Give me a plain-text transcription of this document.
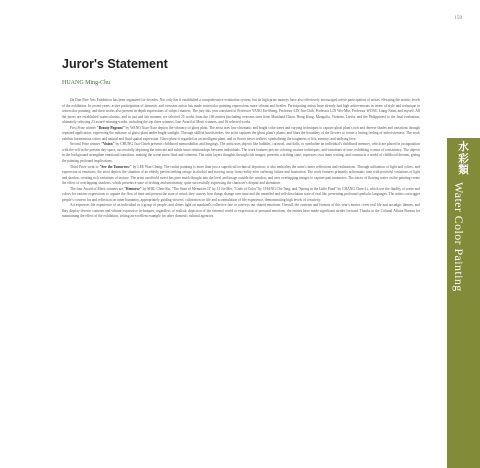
159
Juror's Statement
HUANG Ming-Chu

Da Dun Fine Arts Exhibition has been organized for decades. Not only has it established a comprehensive evaluation system, but its high prize moneys have also effectively encouraged active participation of artists, elevating the artistic levels of the exhibition. In recent years, active participation of domestic and overseas artists has made watercolor painting expressions more vibrant and livelier. Participating artists have already had high achievements in terms of style and technique in watercolor painting, and their works also present in-depth expressions of subject matters. The jury this year consisted of Professor YANG En-Sheng, Professor LIN Jun-Chih, Professor LIN Wei-Min, Professor WONG Liang-Nean, and myself. All the jurors are established watercolorists, and in just and fair manner, we selected 25 works from the 186 entries (including overseas ones from Mainland China, Hong Kong, Mongolia, Vietnam, Latvia, and the Philippines) to the final evaluation, ultimately selecting 23 award-winning works, including the top three winners, four Award of Merit winners, and 16 selected works.

First Prize winner "Beauty Pageant" by WANG Xiao-Xiao depicts the vibrancy of ghost plant. The artist uses low-chromatic and bright color tones and varying techniques to capture ghost plant's rich and diverse shades and variations through repeated application, expressing the radiance of ghost plant under bright sunlight. Through skillful brushstrokes, the artist captures the ghost plant's plants, and blurs the boundary of the flowers to create a lasting feeling of indecisiveness. The work exhibits harmonious colors and natural and fluid spatial expression. Ghost plant is regarded as an intelligent plant, and in flower never withers, symbolizing the toughness of life, eternity, and undying love.

Second Prize winner "Vision" by CHUNG Tsai-Chieh presents childhood memorabilias and longings. The artist uses objects like bubbles, carousel, and dolls, to symbolize an individual's childhood memory, which are placed in juxtaposition with the self in the present day-space, successfully depicting the intricate and subtle inner relationships between individuals. The work features precise coloring, mature techniques, and variations of tone, exhibiting a sense of consistency. The objects in the background strengthen emotional transition, making the scene more fluid and coherent. The artist layers thoughts through rich images, presents a drifting state, expresses own inner writing, and constructs a world of childhood dreams, giving the painting profound implications.

Third Prize went to "See the Tomorrow" by LEE Wan Chang. The realist painting is more than just a superficial technical depiction; it also embodies the artist's inner reflections and realizations. Through utilization of light and colors, and expression of emotions, the artist depicts the situation of an elderly person seeking refuge in alcohol and moving away from reality after suffering failure and frustration. The work features primarily achromatic tone with powerful variations of light and shadow, creating rich variations of texture. The artist used bold rarest has pure much thought into the level and image outside the window, and uses overlapping images to capture past memories. The traces of flowing water on the painting create the effect of overlapping shadows, which presents a state of drifting and uncertainty, quite successfully expressing the character's despair and alienation.

The four Award of Merit winners are "Remorse" by SHIU Chen-Sin, "The State of Memories II" by LI Jia-Mei, "Code of Color" by CHANG Chi-Tang, and "Spring in the Little Pond" by CHANG Chen-Li, which use the fluidity of water and colors for various expressions to capture the flow of time and present the state of mind; they convey how things change over time and the unsettled and self-dissolution state of real life, presenting profound symbolic languages. The artists can trigger people's concern for and reflection on inner humanity, appropriately guiding viewers' cultivation on life and accumulation of life experience, demonstrating high levels of creativity.

Art expresses life experience of an individual or a group of people, and shines light on mankind's collective fate or conveys our shared emotions. Overall, the contents and formats of this year's entries cover real life and nostalgic themes, and they display diverse contents and vibrant expressive techniques, regardless of realistic depiction of the external world or expression of personal emotions, the entries have made significant strides forward. Thanks to the Cultural Affairs Bureau for maintaining the effect of the exhibition, setting an excellent example for other domestic cultural agencies.

水
彩
類
Water Color Painting
